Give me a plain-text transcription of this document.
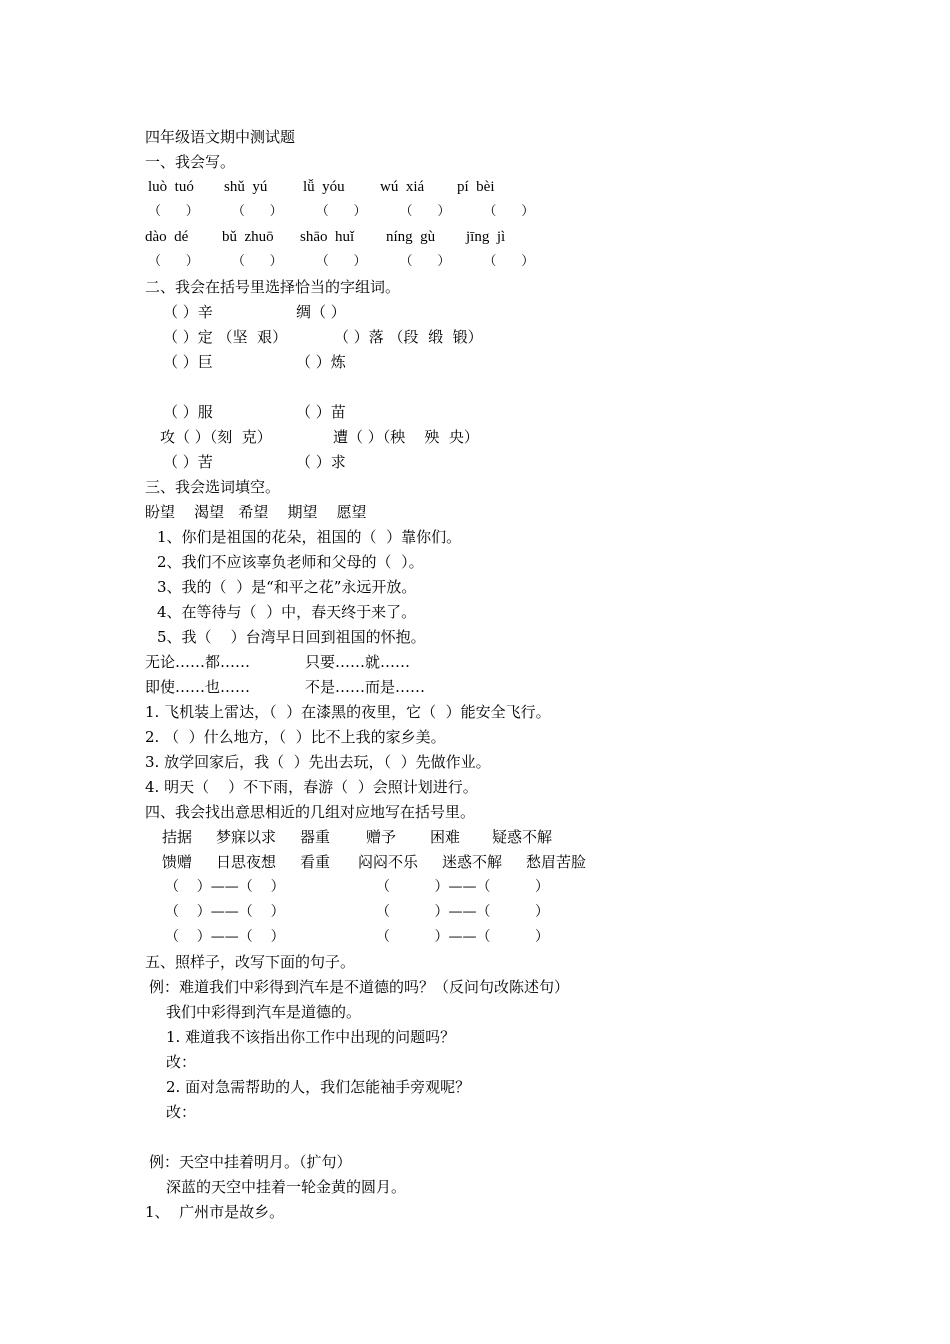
四年级语文期中测试题
一、我会写。
luò  tuó shǔ  yú lǚ  yóu wú  xiá pí  bèi
（      ）        （      ）        （      ）        （      ）        （      ）
dào  dé bǔ  zhuō shāo  huǐ níng  gù jīng  jì
（      ）        （      ）        （      ）        （      ）        （      ）
二、我会在括号里选择恰当的字组词。
（ ）辛	绸（ ）
（ ）定 （坚  艰）	（ ）落 （段  缎  锻）
（ ）巨	（ ）炼
（ ）服	（ ）苗
攻（ ）（刻  克）	遭（ ）（秧    殃  央）
（ ）苦	（ ）求
三、我会选词填空。
盼望    渴望   希望    期望    愿望
1、你们是祖国的花朵，祖国的（  ）靠你们。
2、我们不应该辜负老师和父母的（  ）。
3、我的（  ）是“和平之花”永远开放。
4、在等待与（  ）中，春天终于来了。
5、我（    ）台湾早日回到祖国的怀抱。
无论……都……	只要……就……
即使……也……	不是……而是……
1. 飞机装上雷达，（  ）在漆黑的夜里，它（  ）能安全飞行。
2. （  ）什么地方，（  ）比不上我的家乡美。
3. 放学回家后，我（  ）先出去玩，（  ）先做作业。
4. 明天（    ）不下雨，春游（  ）会照计划进行。
四、我会找出意思相近的几组对应地写在括号里。
拮据 梦寐以求 器重 赠予 困难 疑惑不解
馈赠 日思夜想 看重 闷闷不乐 迷惑不解 愁眉苦脸
（    ）——（    ）	（          ）——（          ）
（    ）——（    ）	（          ）——（          ）
（    ）——（    ）	（          ）——（          ）
五、照样子，改写下面的句子。
例：难道我们中彩得到汽车是不道德的吗？（反问句改陈述句）
我们中彩得到汽车是道德的。
1. 难道我不该指出你工作中出现的问题吗？
改：
2. 面对急需帮助的人，我们怎能袖手旁观呢？
改：
例：天空中挂着明月。（扩句）
深蓝的天空中挂着一轮金黄的圆月。
1、  广州市是故乡。
